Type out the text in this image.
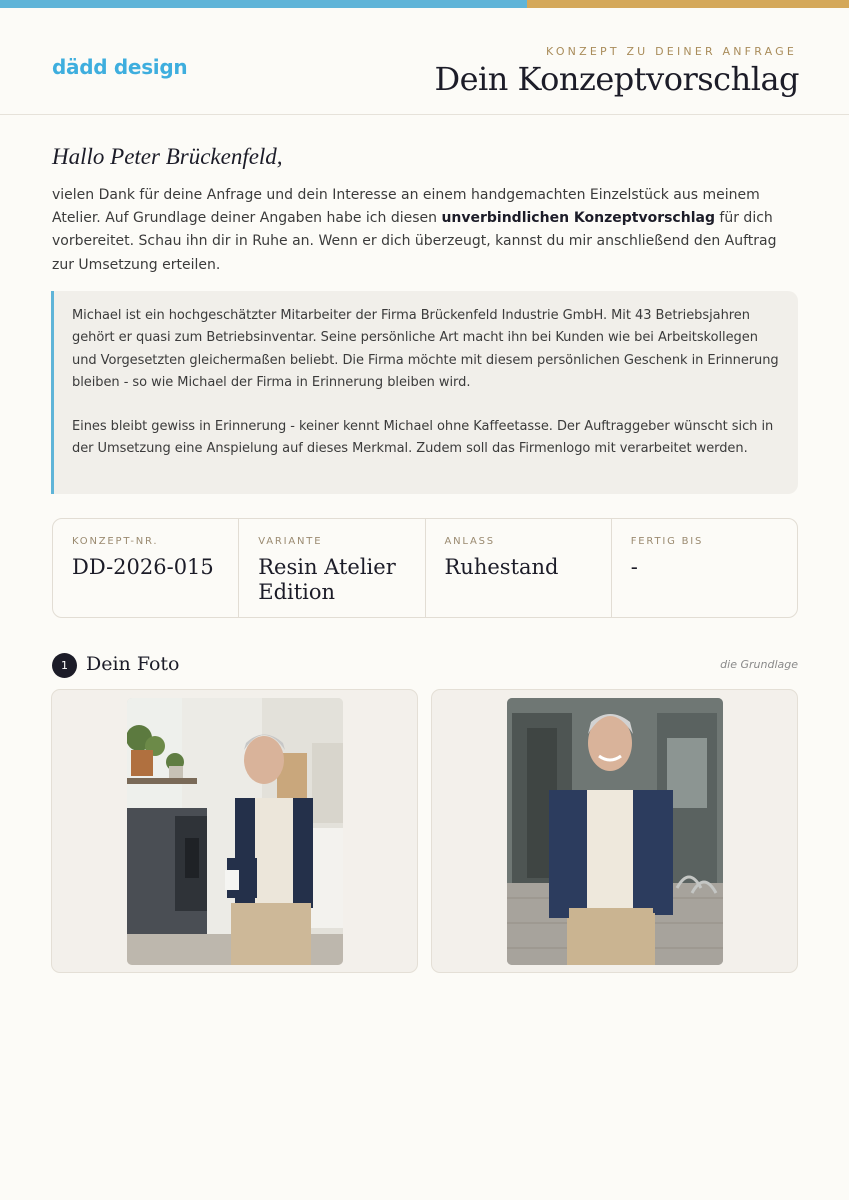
dädd design
KONZEPT ZU DEINER ANFRAGE
Dein Konzeptvorschlag
Hallo Peter Brückenfeld,
vielen Dank für deine Anfrage und dein Interesse an einem handgemachten Einzelstück aus meinem Atelier. Auf Grundlage deiner Angaben habe ich diesen unverbindlichen Konzeptvorschlag für dich vorbereitet. Schau ihn dir in Ruhe an. Wenn er dich überzeugt, kannst du mir anschließend den Auftrag zur Umsetzung erteilen.

Michael ist ein hochgeschätzter Mitarbeiter der Firma Brückenfeld Industrie GmbH. Mit 43 Betriebsjahren gehört er quasi zum Betriebsinventar. Seine persönliche Art macht ihn bei Kunden wie bei Arbeitskollegen und Vorgesetzten gleichermaßen beliebt. Die Firma möchte mit diesem persönlichen Geschenk in Erinnerung bleiben - so wie Michael der Firma in Erinnerung bleiben wird.

Eines bleibt gewiss in Erinnerung - keiner kennt Michael ohne Kaffeetasse. Der Auftraggeber wünscht sich in der Umsetzung eine Anspielung auf dieses Merkmal. Zudem soll das Firmenlogo mit verarbeitet werden.

KONZEPT-NR.
DD-2026-015
VARIANTE
Resin Atelier Edition
ANLASS
Ruhestand
FERTIG BIS
-
1 Dein Foto	die Grundlage
